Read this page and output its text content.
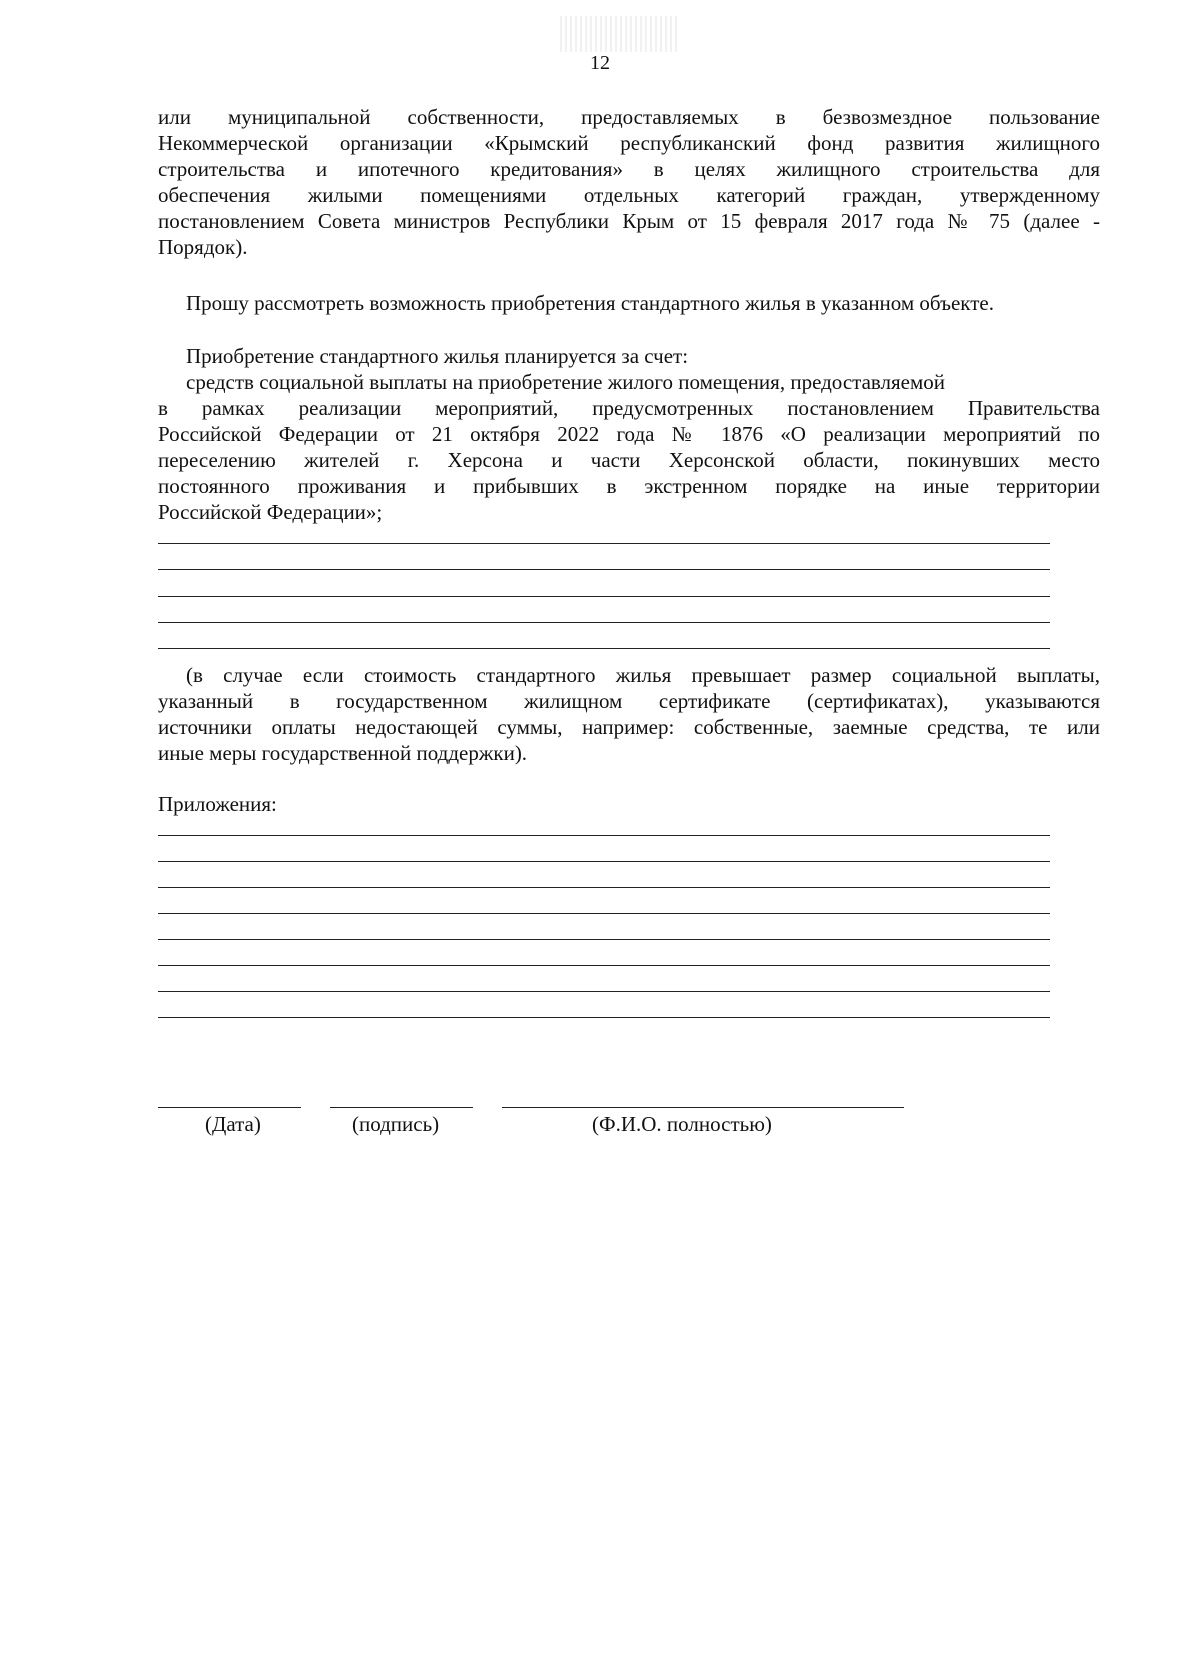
12
или муниципальной собственности, предоставляемых в безвозмездное пользование
Некоммерческой организации «Крымский республиканский фонд развития жилищного
строительства и ипотечного кредитования» в целях жилищного строительства для
обеспечения жилыми помещениями отдельных категорий граждан, утвержденному
постановлением Совета министров Республики Крым от 15 февраля 2017 года № 75 (далее -
Порядок).
Прошу рассмотреть возможность приобретения стандартного жилья в указанном объекте.
Приобретение стандартного жилья планируется за счет:
средств социальной выплаты на приобретение жилого помещения, предоставляемой
в рамках реализации мероприятий, предусмотренных постановлением Правительства
Российской Федерации от 21 октября 2022 года № 1876 «О реализации мероприятий по
переселению жителей г. Херсона и части Херсонской области, покинувших место
постоянного проживания и прибывших в экстренном порядке на иные территории
Российской Федерации»;
(в случае если стоимость стандартного жилья превышает размер социальной выплаты,
указанный в государственном жилищном сертификате (сертификатах), указываются
источники оплаты недостающей суммы, например: собственные, заемные средства, те или
иные меры государственной поддержки).
Приложения:
(Дата)	(подпись)	(Ф.И.О. полностью)
